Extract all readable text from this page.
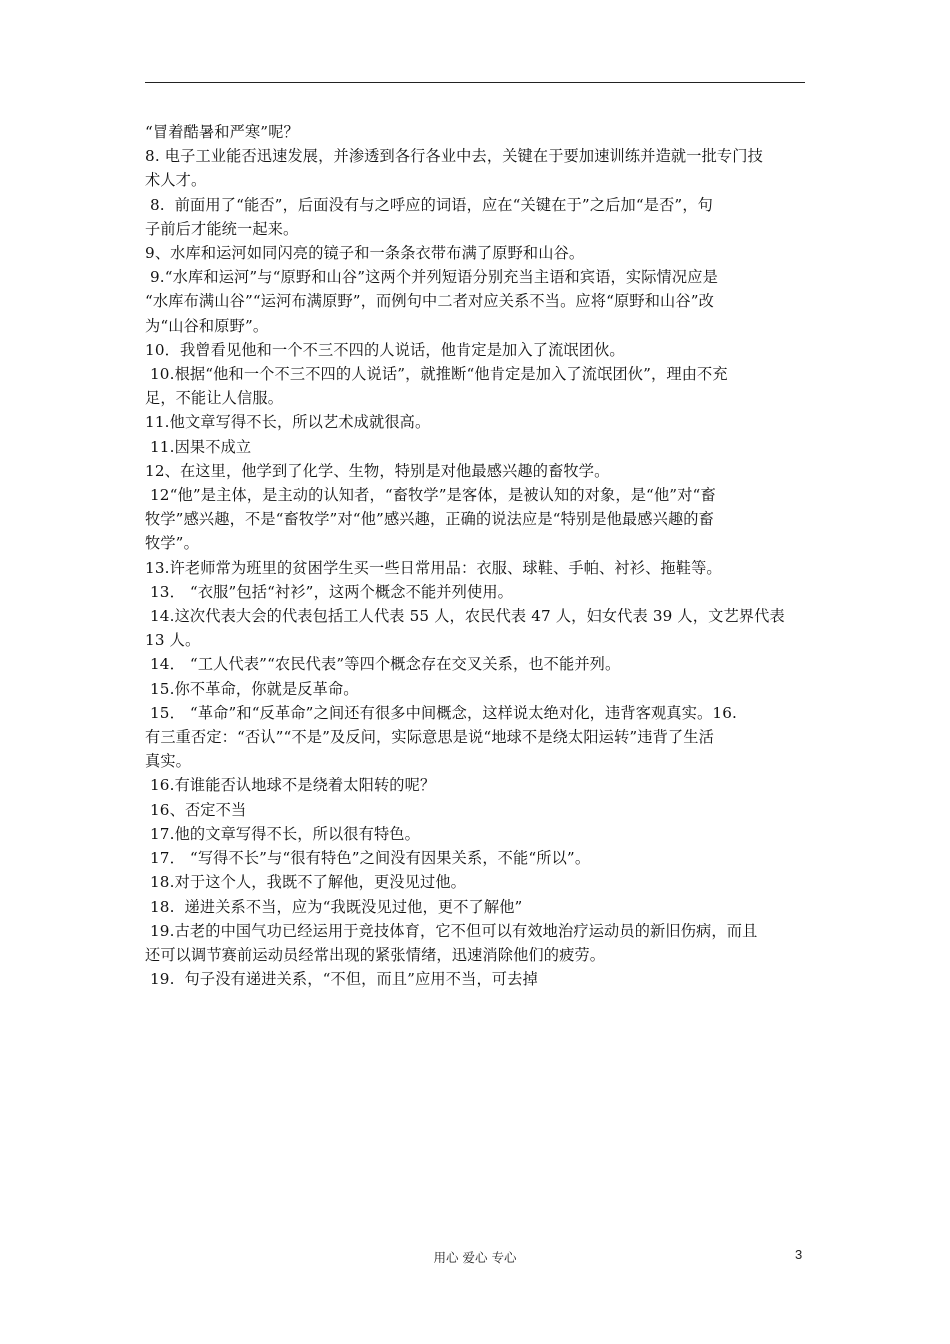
“冒着酷暑和严寒”呢？
8. 电子工业能否迅速发展，并渗透到各行各业中去，关键在于要加速训练并造就一批专门技
术人才。
8.  前面用了“能否”，后面没有与之呼应的词语，应在“关键在于”之后加“是否”，句
子前后才能统一起来。
9、水库和运河如同闪亮的镜子和一条条衣带布满了原野和山谷。
9.“水库和运河”与“原野和山谷”这两个并列短语分别充当主语和宾语，实际情况应是
“水库布满山谷”“运河布满原野”，而例句中二者对应关系不当。应将“原野和山谷”改
为“山谷和原野”。
10．我曾看见他和一个不三不四的人说话，他肯定是加入了流氓团伙。
10.根据“他和一个不三不四的人说话”，就推断“他肯定是加入了流氓团伙”，理由不充
足，不能让人信服。
11.他文章写得不长，所以艺术成就很高。
11.因果不成立
12、在这里，他学到了化学、生物，特别是对他最感兴趣的畜牧学。
12“他”是主体，是主动的认知者，“畜牧学”是客体，是被认知的对象，是“他”对“畜
牧学”感兴趣，不是“畜牧学”对“他”感兴趣，正确的说法应是“特别是他最感兴趣的畜
牧学”。
13.许老师常为班里的贫困学生买一些日常用品：衣服、球鞋、手帕、衬衫、拖鞋等。
13． “衣服”包括“衬衫”，这两个概念不能并列使用。
14.这次代表大会的代表包括工人代表 55 人，农民代表 47 人，妇女代表 39 人，文艺界代表
13 人。
14． “工人代表”“农民代表”等四个概念存在交叉关系，也不能并列。
15.你不革命，你就是反革命。
15． “革命”和“反革命”之间还有很多中间概念，这样说太绝对化，违背客观真实。16.
有三重否定：“否认”“不是”及反问，实际意思是说“地球不是绕太阳运转”违背了生活
真实。
16.有谁能否认地球不是绕着太阳转的呢？
16、否定不当
17.他的文章写得不长，所以很有特色。
17． “写得不长”与“很有特色”之间没有因果关系，不能“所以”。
18.对于这个人，我既不了解他，更没见过他。
18.  递进关系不当，应为“我既没见过他，更不了解他”
19.古老的中国气功已经运用于竞技体育，它不但可以有效地治疗运动员的新旧伤病，而且
还可以调节赛前运动员经常出现的紧张情绪，迅速消除他们的疲劳。
19.  句子没有递进关系，“不但，而且”应用不当，可去掉
用心 爱心 专心	3
